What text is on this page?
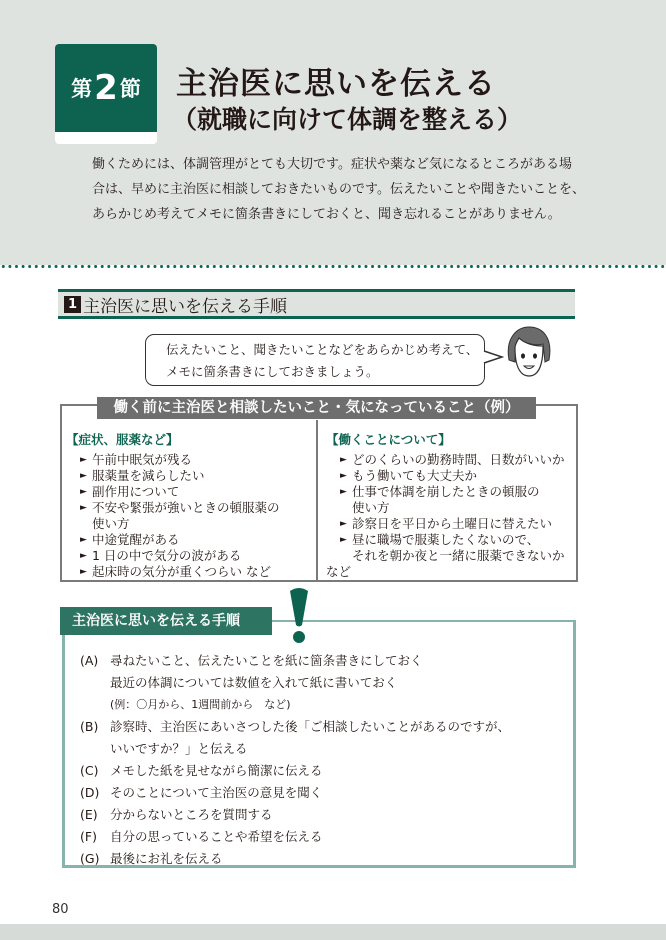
第 2 節 主治医に思いを伝える
（就職に向けて体調を整える）

働くためには、体調管理がとても大切です。症状や薬など気になるところがある場

合は、早めに主治医に相談しておきたいものです。伝えたいことや聞きたいことを、

あらかじめ考えてメモに箇条書きにしておくと、聞き忘れることがありません。

1 主治医に思いを伝える手順
伝えたいこと、聞きたいことなどをあらかじめ考えて、
メモに箇条書きにしておきましょう。
働く前に主治医と相談したいこと・気になっていること（例）
【症状、服薬など】
► 午前中眠気が残る
► 服薬量を減らしたい
► 副作用について
► 不安や緊張が強いときの頓服薬の
使い方
► 中途覚醒がある
► 1 日の中で気分の波がある
► 起床時の気分が重くつらい など
【働くことについて】
► どのくらいの勤務時間、日数がいいか
► もう働いても大丈夫か
► 仕事で体調を崩したときの頓服の
使い方
► 診察日を平日から土曜日に替えたい
► 昼に職場で服薬したくないので、
それを朝か夜と一緒に服薬できないか
など
主治医に思いを伝える手順
(A) 尋ねたいこと、伝えたいことを紙に箇条書きにしておく
最近の体調については数値を入れて紙に書いておく
(例：〇月から、1週間前から　など)
(B) 診察時、主治医にあいさつした後「ご相談したいことがあるのですが、
いいですか？」と伝える
(C) メモした紙を見せながら簡潔に伝える
(D) そのことについて主治医の意見を聞く
(E) 分からないところを質問する
(F) 自分の思っていることや希望を伝える
(G) 最後にお礼を伝える
80
